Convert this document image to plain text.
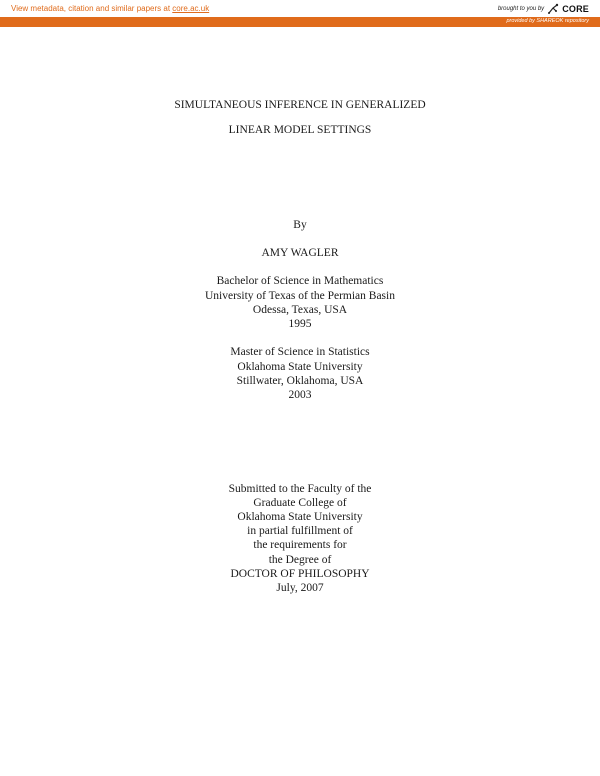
View metadata, citation and similar papers at core.ac.uk	brought to you by CORE
provided by SHAREOK repository
SIMULTANEOUS INFERENCE IN GENERALIZED
LINEAR MODEL SETTINGS
By
AMY WAGLER
Bachelor of Science in Mathematics
University of Texas of the Permian Basin
Odessa, Texas, USA
1995
Master of Science in Statistics
Oklahoma State University
Stillwater, Oklahoma, USA
2003
Submitted to the Faculty of the
Graduate College of
Oklahoma State University
in partial fulfillment of
the requirements for
the Degree of
DOCTOR OF PHILOSOPHY
July, 2007
